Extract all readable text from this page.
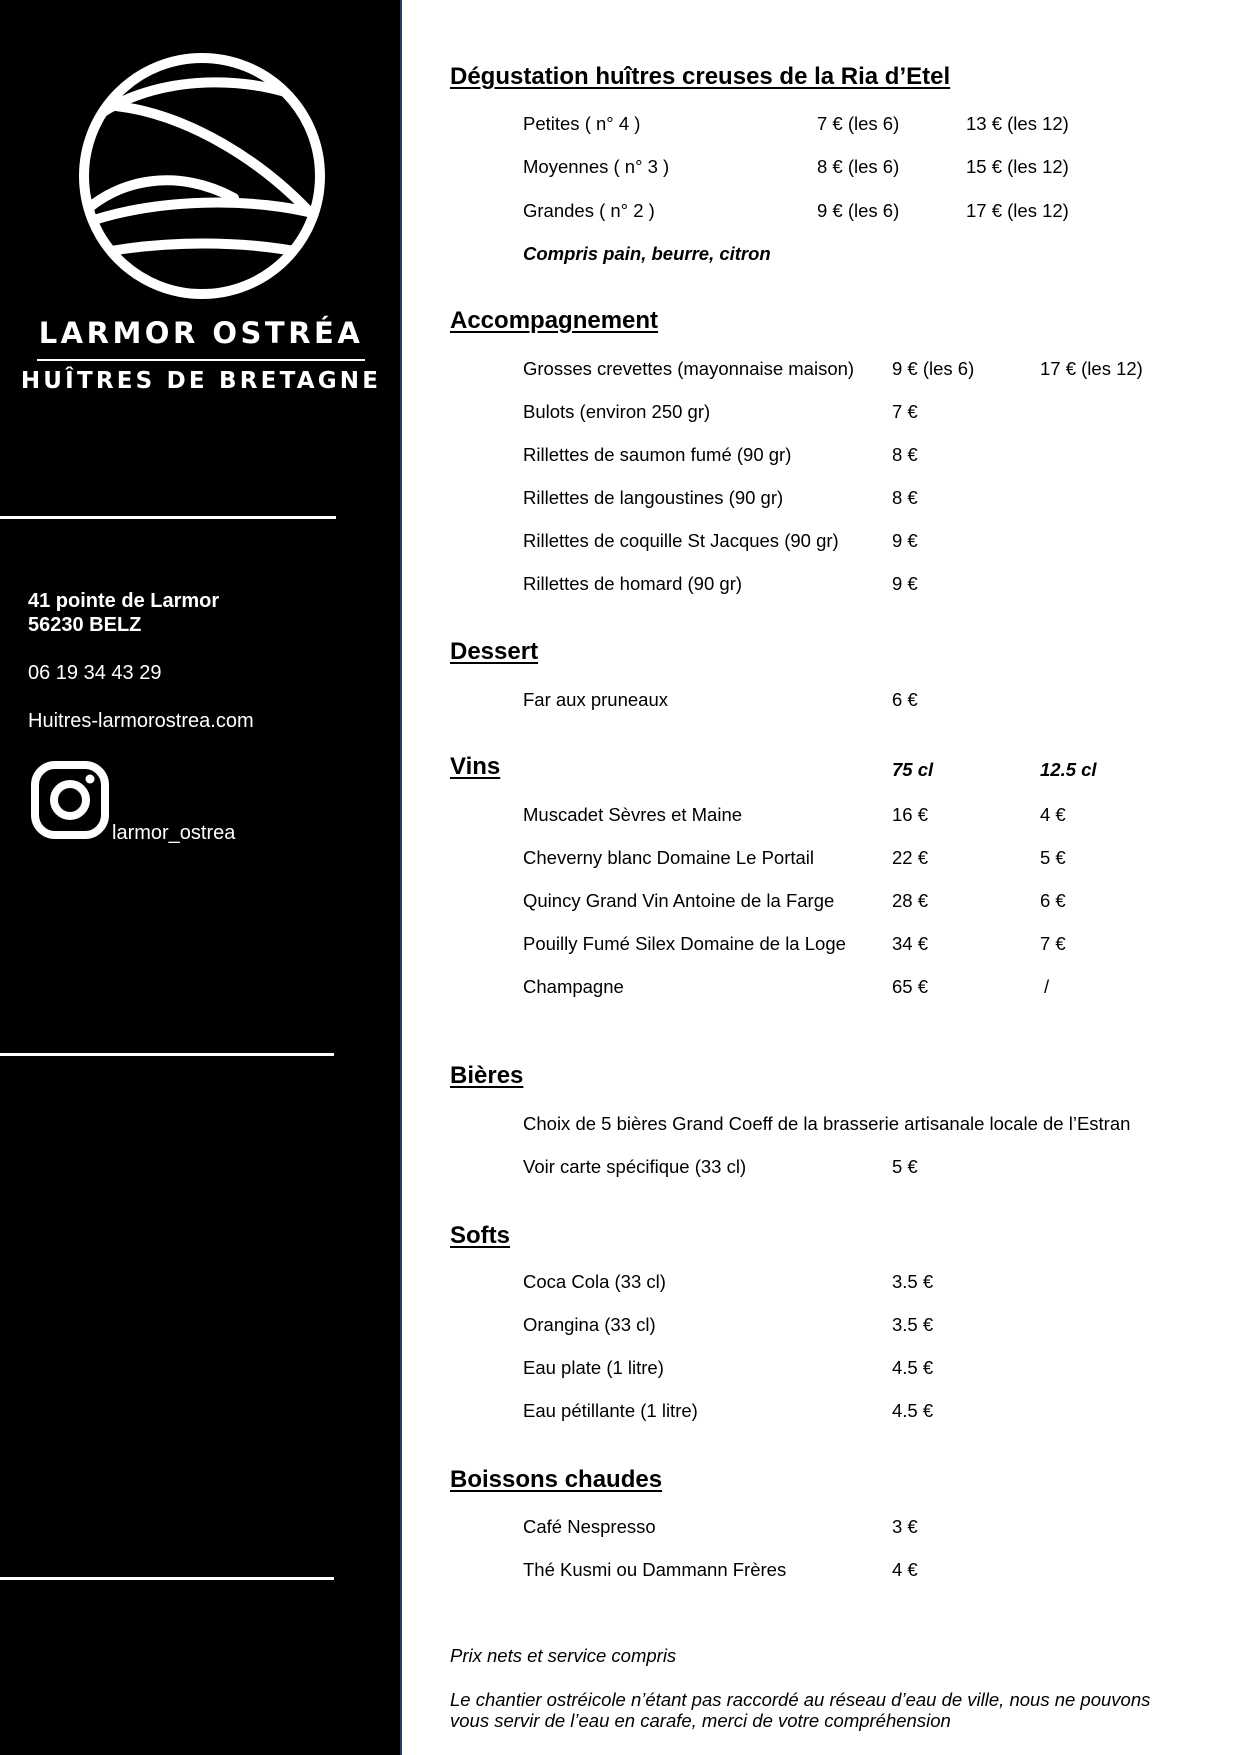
LARMOR OSTRÉA
HUÎTRES DE BRETAGNE
41 pointe de Larmor
56230 BELZ
06 19 34 43 29
Huitres-larmorostrea.com
larmor_ostrea
Dégustation huîtres creuses de la Ria d’Etel
Petites ( n° 4 )	7 € (les 6)	13 € (les 12)
Moyennes ( n° 3 )	8 € (les 6)	15 € (les 12)
Grandes ( n° 2 )	9 € (les 6)	17 € (les 12)
Compris pain, beurre, citron
Accompagnement
Grosses crevettes (mayonnaise maison) 9 € (les 6)	17 € (les 12)
Bulots (environ 250 gr)	7 €
Rillettes de saumon fumé (90 gr)	8 €
Rillettes de langoustines (90 gr)	8 €
Rillettes de coquille St Jacques (90 gr)	9 €
Rillettes de homard (90 gr)	9 €
Dessert
Far aux pruneaux	6 €
Vins	75 cl	12.5 cl
Muscadet Sèvres et Maine	16 €	4 €
Cheverny blanc Domaine Le Portail	22 €	5 €
Quincy Grand Vin Antoine de la Farge	28 €	6 €
Pouilly Fumé Silex Domaine de la Loge 34 €	7 €
Champagne	65 €	/
Bières
Choix de 5 bières Grand Coeff de la brasserie artisanale locale de l’Estran
Voir carte spécifique (33 cl)	5 €
Softs
Coca Cola (33 cl)	3.5 €
Orangina (33 cl)	3.5 €
Eau plate (1 litre)	4.5 €
Eau pétillante (1 litre)	4.5 €
Boissons chaudes
Café Nespresso	3 €
Thé Kusmi ou Dammann Frères	4 €
Prix nets et service compris
Le chantier ostréicole n’étant pas raccordé au réseau d’eau de ville, nous ne pouvons
vous servir de l’eau en carafe, merci de votre compréhension
